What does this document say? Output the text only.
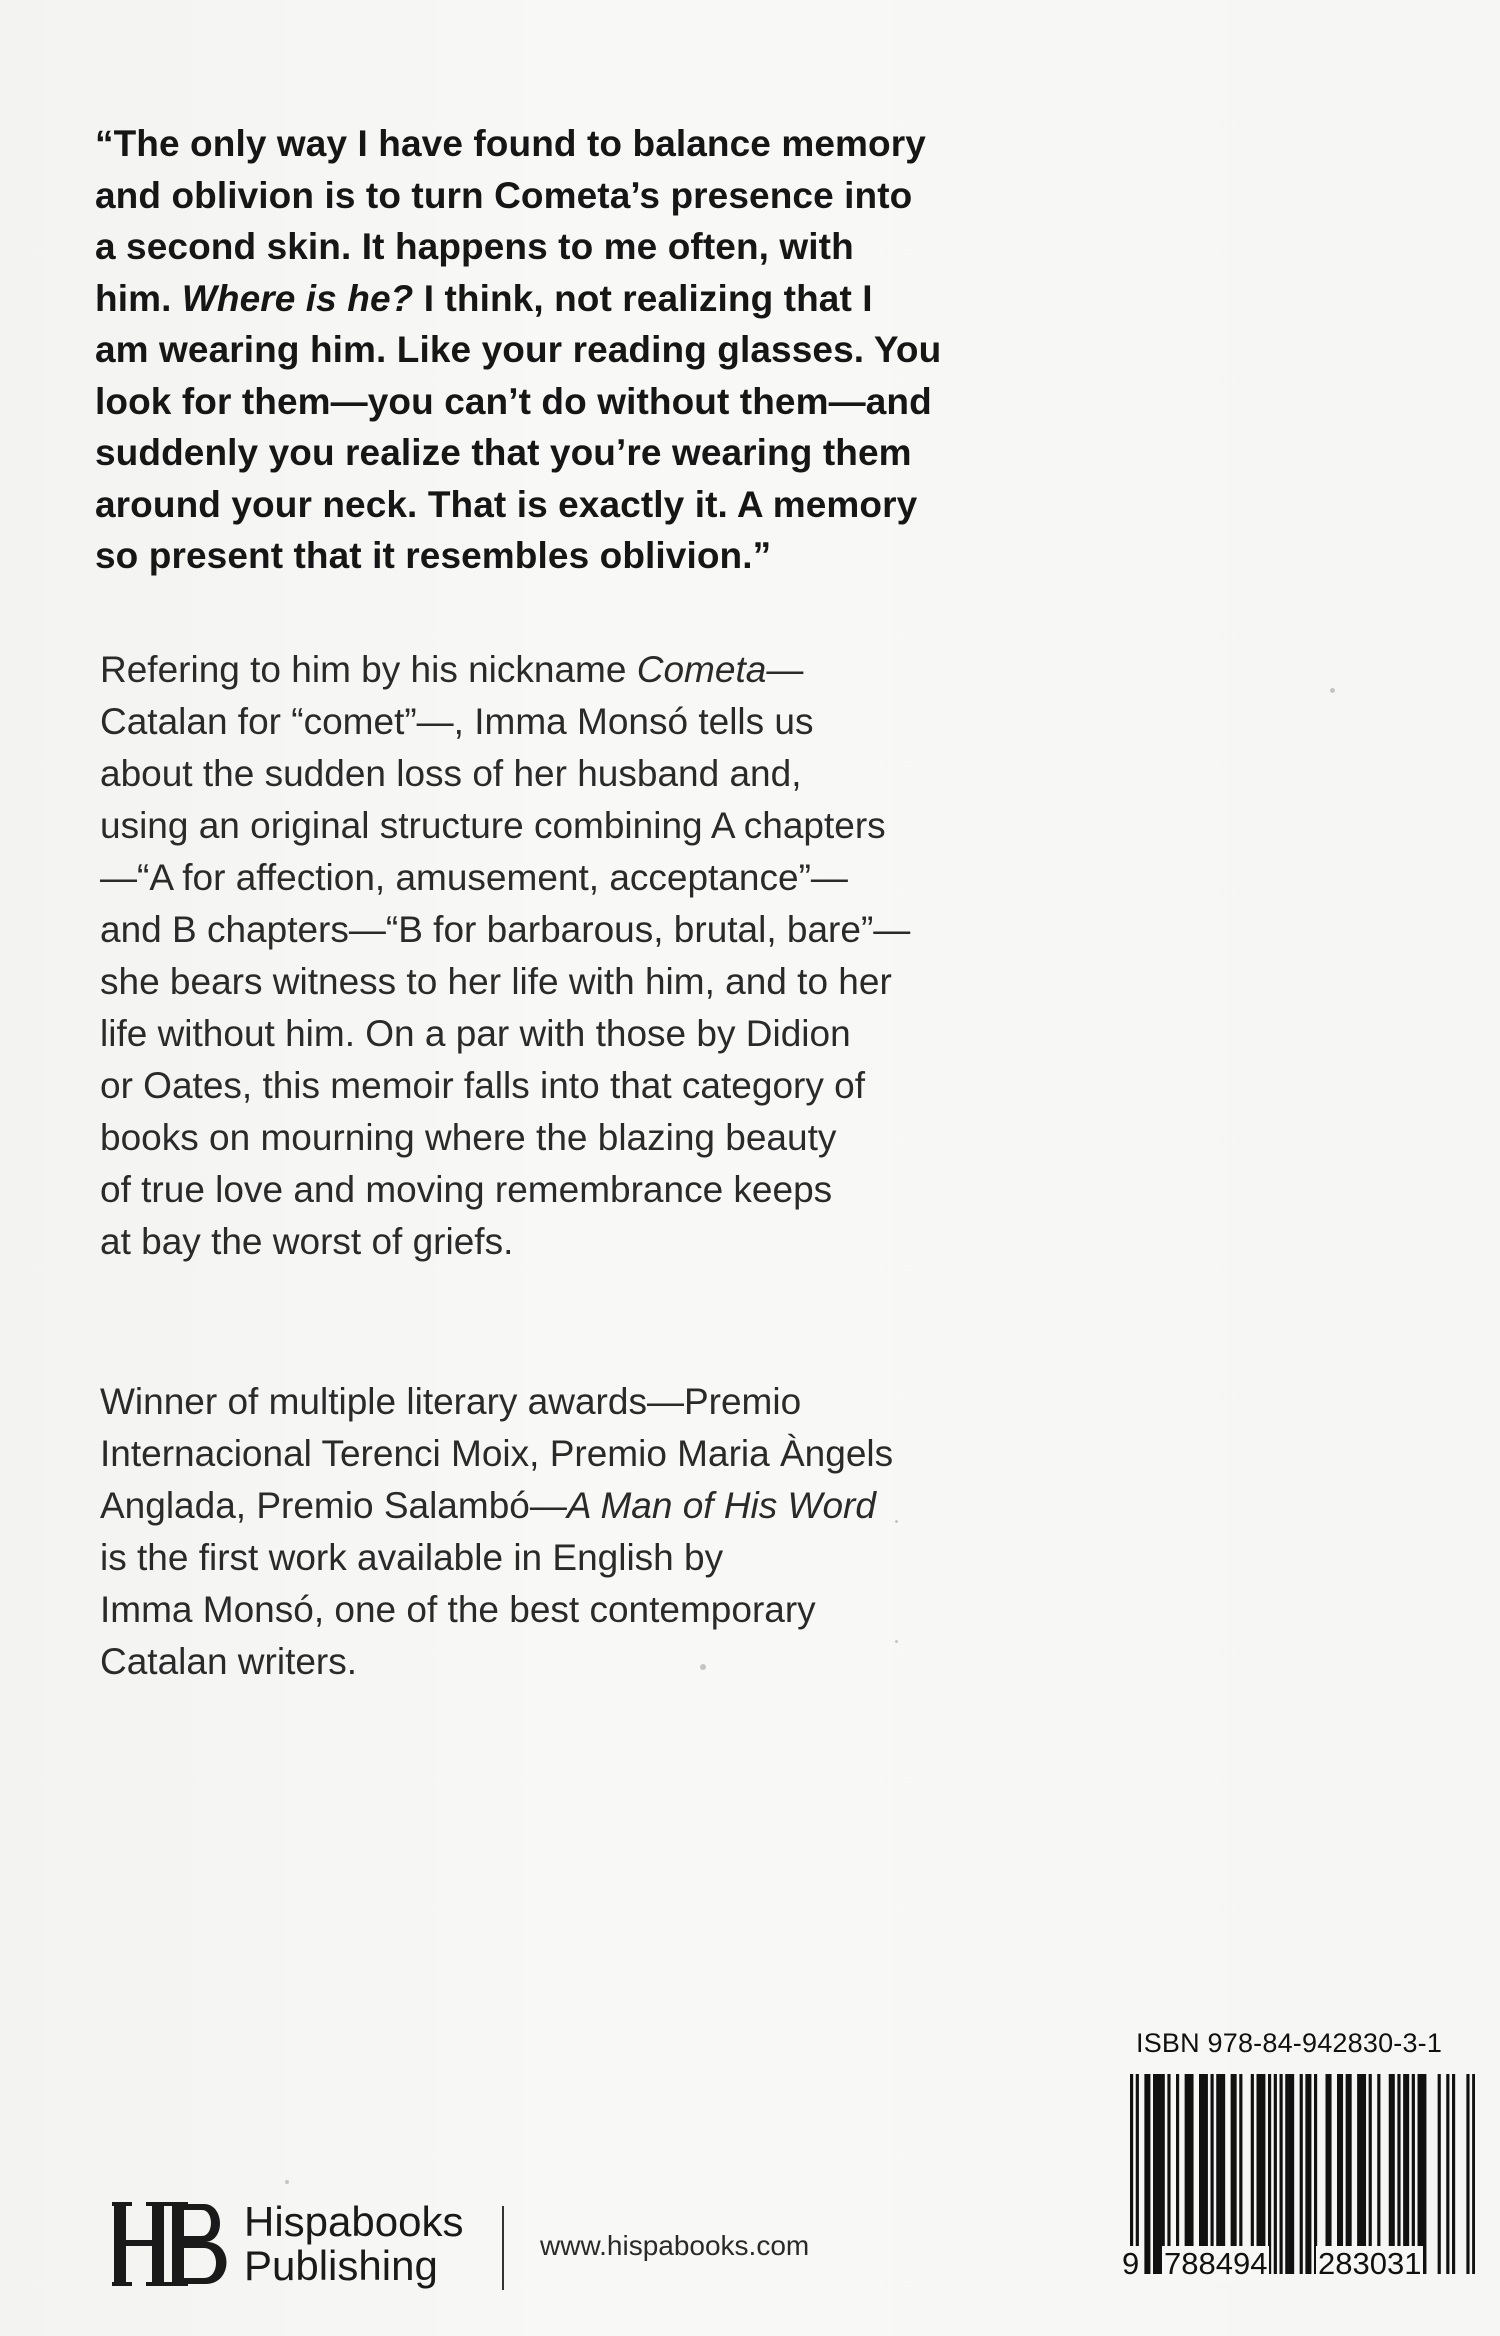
“The only way I have found to balance memory
and oblivion is to turn Cometa’s presence into
a second skin. It happens to me often, with
him. Where is he? I think, not realizing that I
am wearing him. Like your reading glasses. You
look for them—you can’t do without them—and
suddenly you realize that you’re wearing them
around your neck. That is exactly it. A memory
so present that it resembles oblivion.”
Refering to him by his nickname Cometa—
Catalan for “comet”—, Imma Monsó tells us
about the sudden loss of her husband and,
using an original structure combining A chapters
—“A for affection, amusement, acceptance”—
and B chapters—“B for barbarous, brutal, bare”—
she bears witness to her life with him, and to her
life without him. On a par with those by Didion
or Oates, this memoir falls into that category of
books on mourning where the blazing beauty
of true love and moving remembrance keeps
at bay the worst of griefs.
Winner of multiple literary awards—Premio
Internacional Terenci Moix, Premio Maria Àngels
Anglada, Premio Salambó—A Man of His Word
is the first work available in English by
Imma Monsó, one of the best contemporary
Catalan writers.
ISBN 978-84-942830-3-1
9 788494 283031
Hispabooks
Publishing	www.hispabooks.com
